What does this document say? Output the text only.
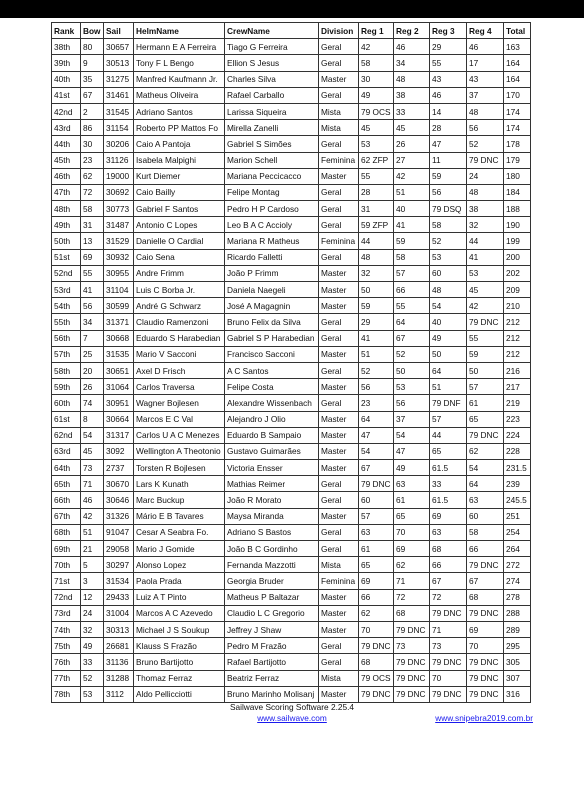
Rank	Bow	Sail	HelmName	CrewName	Division	Reg 1	Reg 2	Reg 3	Reg 4	Total
38th	80	30657	Hermann E A Ferreira	Tiago G Ferreira	Geral	42	46	29	46	163
39th	9	30513	Tony F L Bengo	Ellion S Jesus	Geral	58	34	55	17	164
40th	35	31275	Manfred Kaufmann Jr.	Charles Silva	Master	30	48	43	43	164
41st	67	31461	Matheus Oliveira	Rafael Carballo	Geral	49	38	46	37	170
42nd	2	31545	Adriano Santos	Larissa Siqueira	Mista	79 OCS	33	14	48	174
43rd	86	31154	Roberto PP Mattos Fo	Mirella Zanelli	Mista	45	45	28	56	174
44th	30	30206	Caio A Pantoja	Gabriel S Simões	Geral	53	26	47	52	178
45th	23	31126	Isabela Malpighi	Marion Schell	Feminina	62 ZFP	27	11	79 DNC	179
46th	62	19000	Kurt Diemer	Mariana Peccicacco	Master	55	42	59	24	180
47th	72	30692	Caio Bailly	Felipe Montag	Geral	28	51	56	48	184
48th	58	30773	Gabriel F Santos	Pedro H P Cardoso	Geral	31	40	79 DSQ	38	188
49th	31	31487	Antonio C Lopes	Leo B A C Accioly	Geral	59 ZFP	41	58	32	190
50th	13	31529	Danielle O Cardial	Mariana R Matheus	Feminina	44	59	52	44	199
51st	69	30932	Caio Sena	Ricardo Falletti	Geral	48	58	53	41	200
52nd	55	30955	Andre Frimm	João P Frimm	Master	32	57	60	53	202
53rd	41	31104	Luis C Borba Jr.	Daniela Naegeli	Master	50	66	48	45	209
54th	56	30599	André G Schwarz	José A Magagnin	Master	59	55	54	42	210
55th	34	31371	Claudio Ramenzoni	Bruno Felix da Silva	Geral	29	64	40	79 DNC	212
56th	7	30668	Eduardo S Harabedian	Gabriel S P Harabedian	Geral	41	67	49	55	212
57th	25	31535	Mario V Sacconi	Francisco Sacconi	Master	51	52	50	59	212
58th	20	30651	Axel D Frisch	A C Santos	Geral	52	50	64	50	216
59th	26	31064	Carlos Traversa	Felipe Costa	Master	56	53	51	57	217
60th	74	30951	Wagner Bojlesen	Alexandre Wissenbach	Geral	23	56	79 DNF	61	219
61st	8	30664	Marcos E C Val	Alejandro J Olio	Master	64	37	57	65	223
62nd	54	31317	Carlos U A C Menezes	Eduardo B Sampaio	Master	47	54	44	79 DNC	224
63rd	45	3092	Wellington A Theotonio	Gustavo Guimarães	Master	54	47	65	62	228
64th	73	2737	Torsten R Bojlesen	Victoria Ensser	Master	67	49	61.5	54	231.5
65th	71	30670	Lars K Kunath	Mathias Reimer	Geral	79 DNC	63	33	64	239
66th	46	30646	Marc Buckup	João R Morato	Geral	60	61	61.5	63	245.5
67th	42	31326	Mário E B Tavares	Maysa Miranda	Master	57	65	69	60	251
68th	51	91047	Cesar A Seabra Fo.	Adriano S Bastos	Geral	63	70	63	58	254
69th	21	29058	Mario J Gomide	João B C Gordinho	Geral	61	69	68	66	264
70th	5	30297	Alonso Lopez	Fernanda Mazzotti	Mista	65	62	66	79 DNC	272
71st	3	31534	Paola Prada	Georgia Bruder	Feminina	69	71	67	67	274
72nd	12	29433	Luiz A T Pinto	Matheus P Baltazar	Master	66	72	72	68	278
73rd	24	31004	Marcos A C Azevedo	Claudio L C Gregorio	Master	62	68	79 DNC	79 DNC	288
74th	32	30313	Michael J S Soukup	Jeffrey J Shaw	Master	70	79 DNC	71	69	289
75th	49	26681	Klauss S Frazão	Pedro M Frazão	Geral	79 DNC	73	73	70	295
76th	33	31136	Bruno Bartijotto	Rafael Bartijotto	Geral	68	79 DNC	79 DNC	79 DNC	305
77th	52	31288	Thomaz Ferraz	Beatriz Ferraz	Mista	79 OCS	79 DNC	70	79 DNC	307
78th	53	3112	Aldo Pellicciotti	Bruno Marinho Molisanj	Master	79 DNC	79 DNC	79 DNC	79 DNC	316
Sailwave Scoring Software 2.25.4
www.sailwave.com	www.snipebra2019.com.br
